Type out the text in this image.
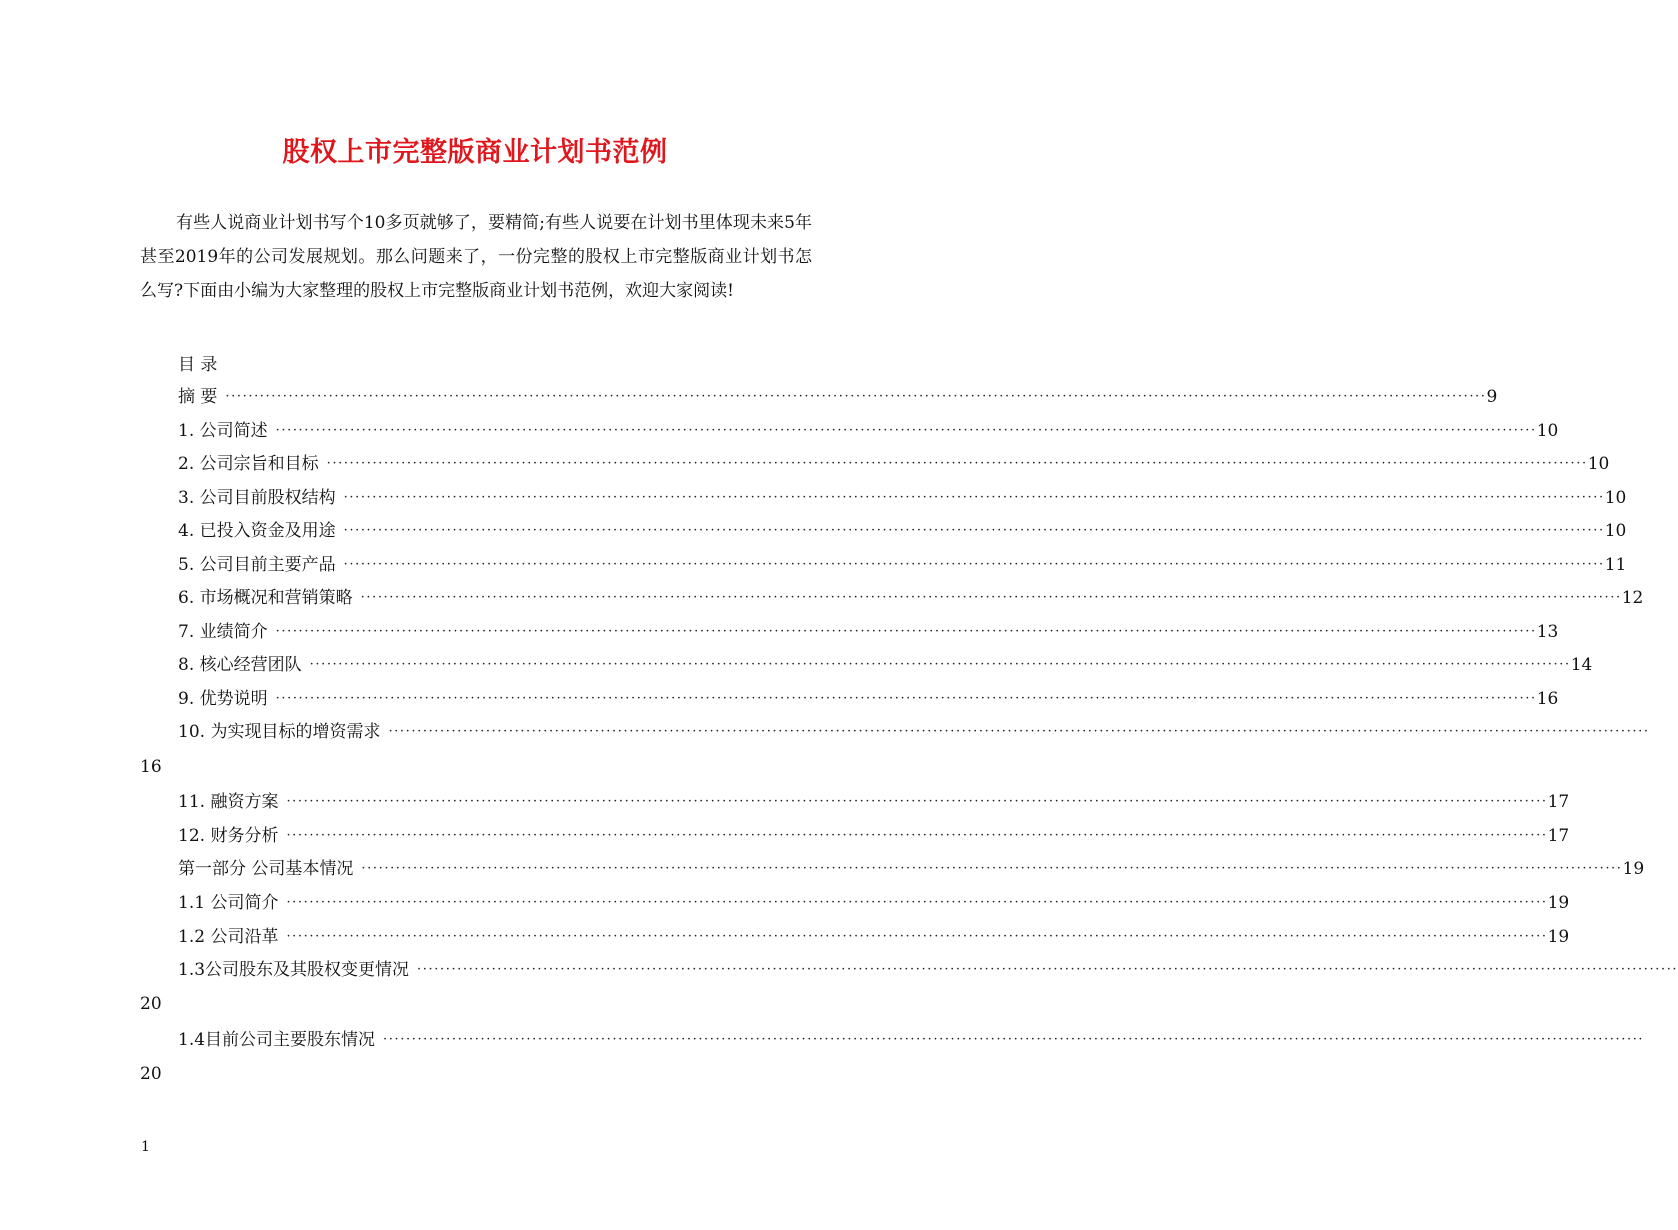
股权上市完整版商业计划书范例
有些人说商业计划书写个10多页就够了，要精简;有些人说要在计划书里体现未来5年甚至2019年的公司发展规划。那么问题来了，一份完整的股权上市完整版商业计划书怎么写?下面由小编为大家整理的股权上市完整版商业计划书范例，欢迎大家阅读!
目 录
摘 要 ···························································································································································································································· 9
1. 公司简述 ···························································································································································································································· 10
2. 公司宗旨和目标 ···························································································································································································································· 10
3. 公司目前股权结构 ···························································································································································································································· 10
4. 已投入资金及用途 ···························································································································································································································· 10
5. 公司目前主要产品 ···························································································································································································································· 11
6. 市场概况和营销策略 ···························································································································································································································· 12
7. 业绩简介 ···························································································································································································································· 13
8. 核心经营团队 ···························································································································································································································· 14
9. 优势说明 ···························································································································································································································· 16
10. 为实现目标的增资需求 ····························································································································································································································
16
11. 融资方案 ···························································································································································································································· 17
12. 财务分析 ···························································································································································································································· 17
第一部分 公司基本情况 ···························································································································································································································· 19
1.1 公司简介 ···························································································································································································································· 19
1.2 公司沿革 ···························································································································································································································· 19
1.3公司股东及其股权变更情况 ····························································································································································································································
20
1.4目前公司主要股东情况 ····························································································································································································································
20
1
